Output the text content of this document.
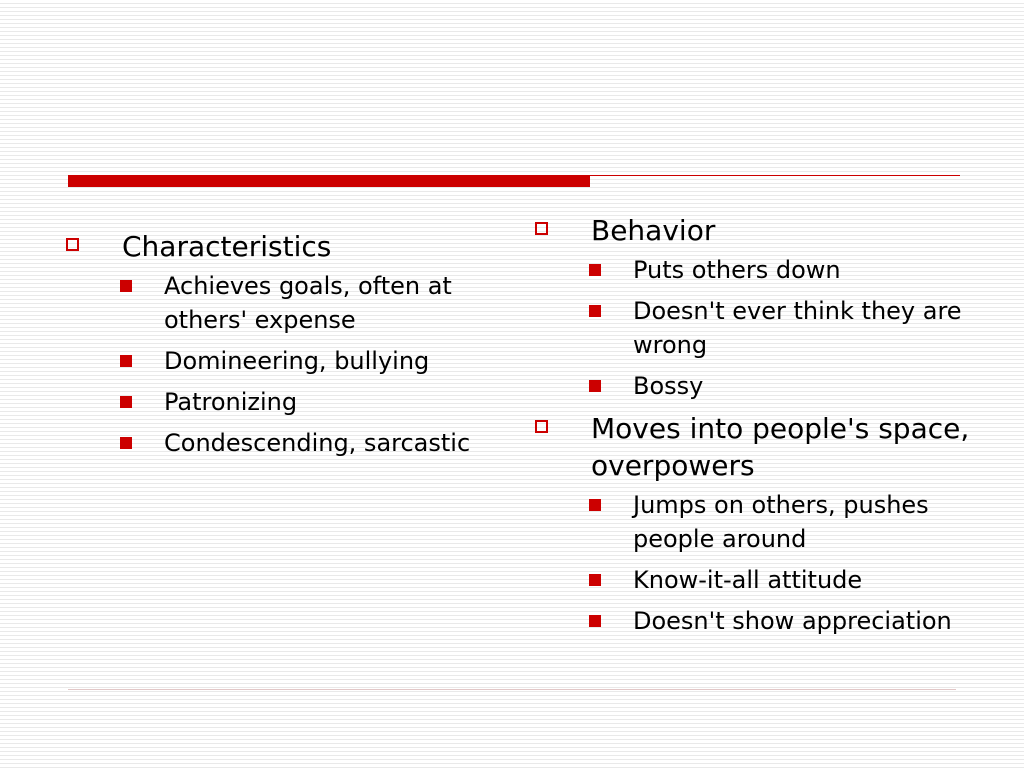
Characteristics
Achieves goals, often at others' expense
Domineering, bullying
Patronizing
Condescending, sarcastic
Behavior
Puts others down
Doesn't ever think they are wrong
Bossy
Moves into people's space, overpowers
Jumps on others, pushes people around
Know-it-all attitude
Doesn't show appreciation
